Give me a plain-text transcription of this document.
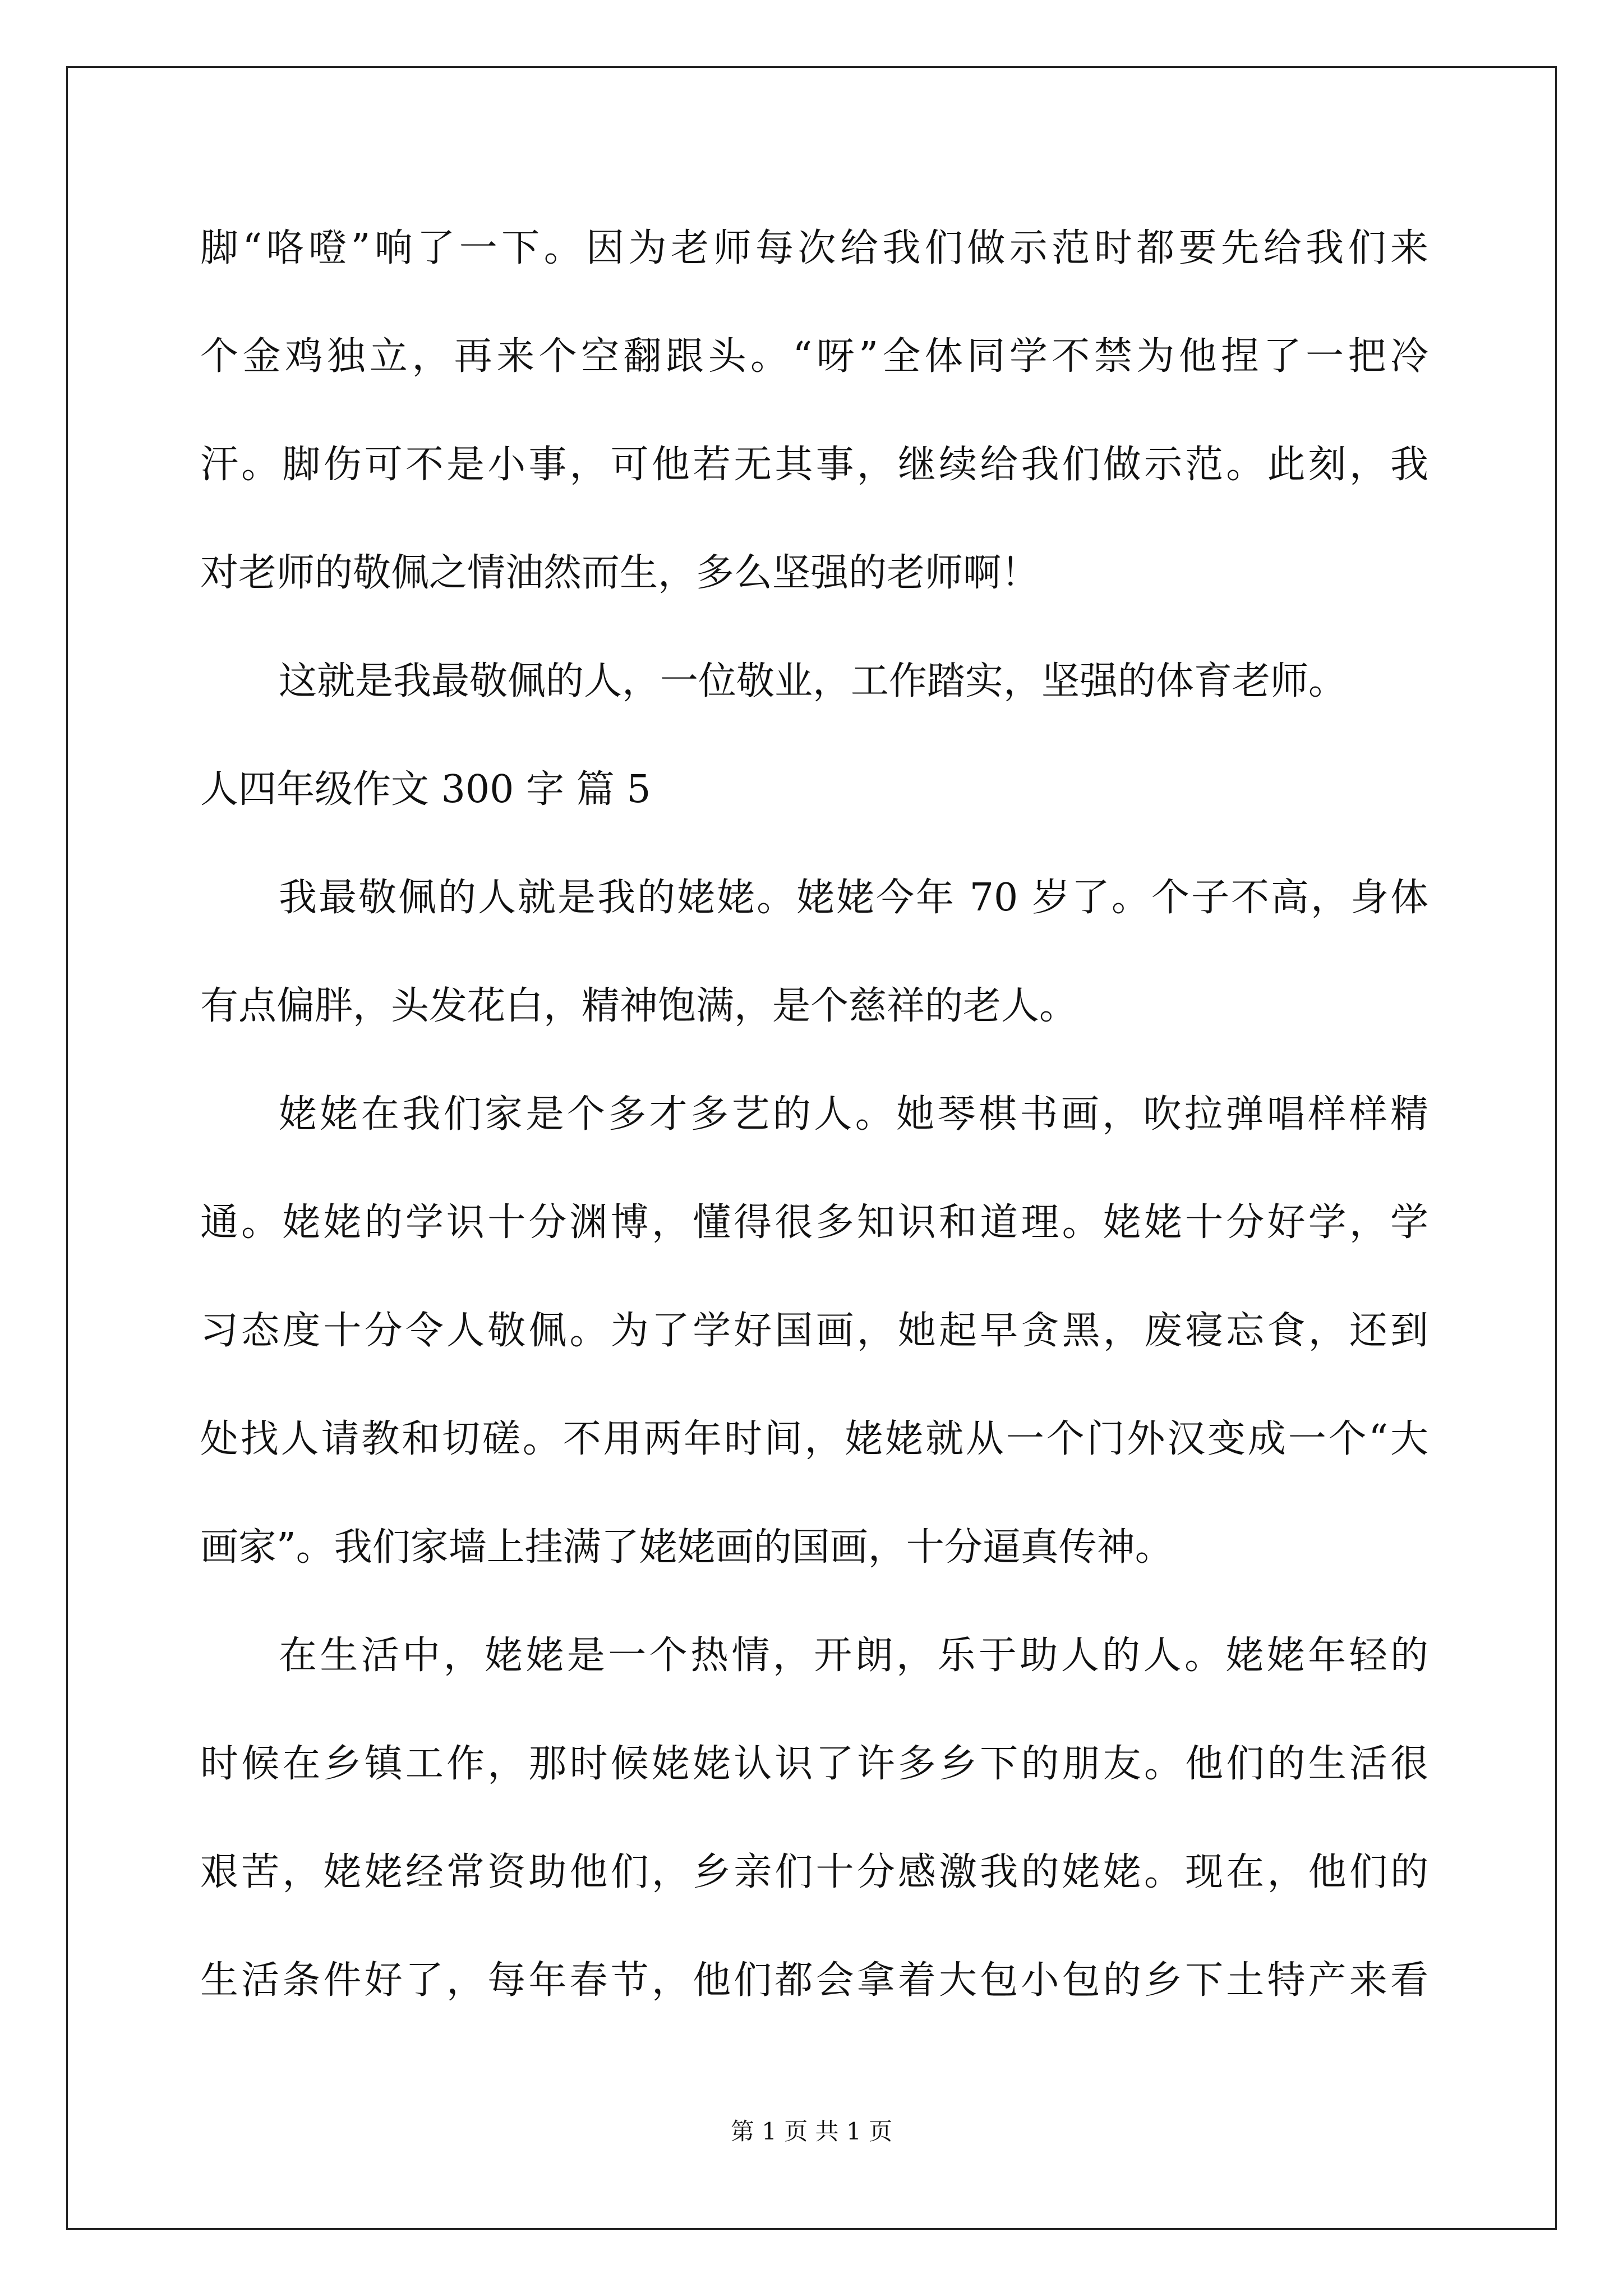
脚“咯噔”响了一下。因为老师每次给我们做示范时都要先给我们来
个金鸡独立，再来个空翻跟头。“呀”全体同学不禁为他捏了一把冷
汗。脚伤可不是小事，可他若无其事，继续给我们做示范。此刻，我
对老师的敬佩之情油然而生，多么坚强的老师啊！
这就是我最敬佩的人，一位敬业，工作踏实，坚强的体育老师。
人四年级作文 300 字 篇 5
我最敬佩的人就是我的姥姥。姥姥今年 70 岁了。个子不高，身体
有点偏胖，头发花白，精神饱满，是个慈祥的老人。
姥姥在我们家是个多才多艺的人。她琴棋书画，吹拉弹唱样样精
通。姥姥的学识十分渊博，懂得很多知识和道理。姥姥十分好学，学
习态度十分令人敬佩。为了学好国画，她起早贪黑，废寝忘食，还到
处找人请教和切磋。不用两年时间，姥姥就从一个门外汉变成一个“大
画家”。我们家墙上挂满了姥姥画的国画，十分逼真传神。
在生活中，姥姥是一个热情，开朗，乐于助人的人。姥姥年轻的
时候在乡镇工作，那时候姥姥认识了许多乡下的朋友。他们的生活很
艰苦，姥姥经常资助他们，乡亲们十分感激我的姥姥。现在，他们的
生活条件好了，每年春节，他们都会拿着大包小包的乡下土特产来看
第 1 页 共 1 页
